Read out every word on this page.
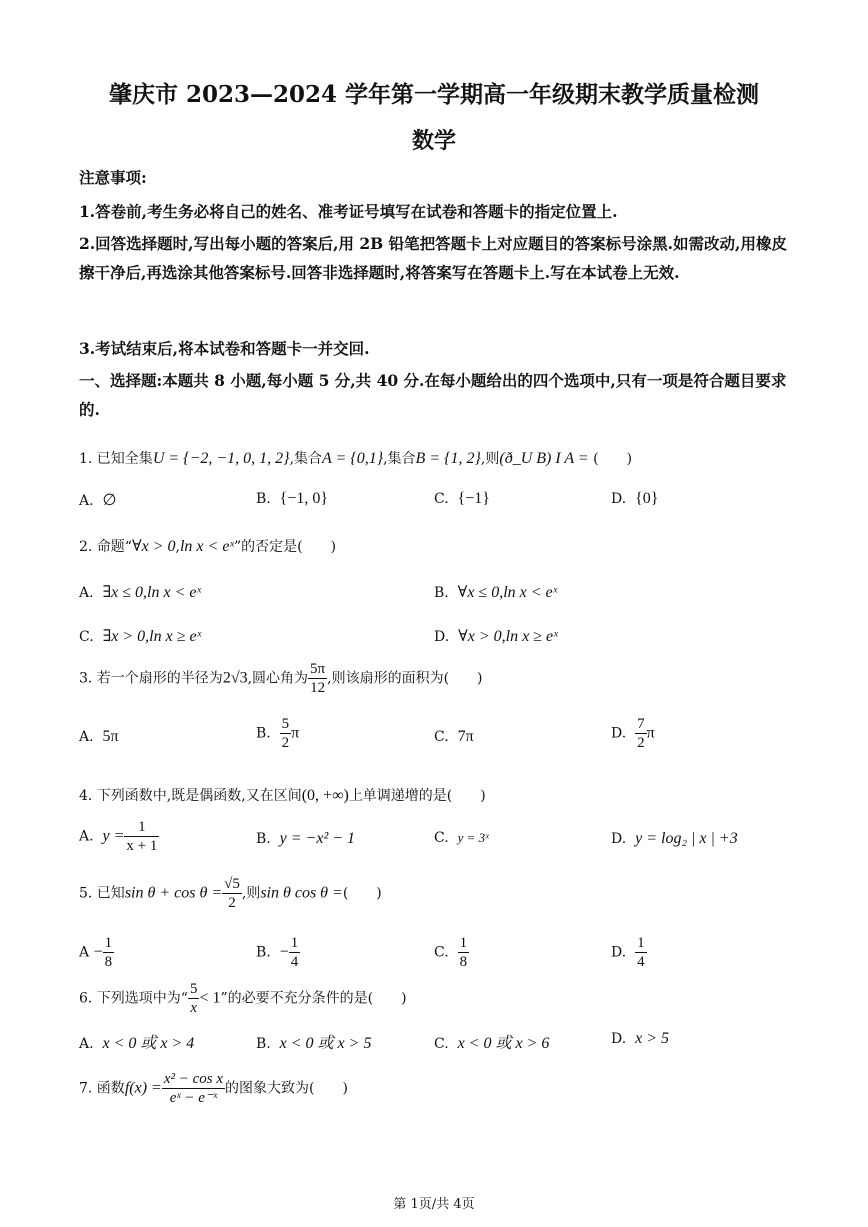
肇庆市 2023—2024 学年第一学期高一年级期末教学质量检测
数学
注意事项:
1.答卷前,考生务必将自己的姓名、准考证号填写在试卷和答题卡的指定位置上.
2.回答选择题时,写出每小题的答案后,用 2B 铅笔把答题卡上对应题目的答案标号涂黑.如需改动,用橡皮擦干净后,再选涂其他答案标号.回答非选择题时,将答案写在答题卡上.写在本试卷上无效.
3.考试结束后,将本试卷和答题卡一并交回.
一、选择题:本题共 8 小题,每小题 5 分,共 40 分.在每小题给出的四个选项中,只有一项是符合题目要求的.
1. 已知全集U = {−2, −1, 0, 1, 2},集合A = {0,1},集合B = {1, 2},则(ð_U B) I A = (　　)
A. ∅	B. {−1, 0}	C. {−1}	D. {0}
2. 命题“∀x > 0,ln x < eˣ”的否定是(　　)
A. ∃x ≤ 0,ln x < eˣ	B. ∀x ≤ 0,ln x < eˣ
C. ∃x > 0,ln x ≥ eˣ	D. ∀x > 0,ln x ≥ eˣ
3. 若一个扇形的半径为2√3,圆心角为 $\frac{5\pi}{12}$ ,则该扇形的面积为(　　)
A. 5π	B. $\frac{5}{2}$ π	C. 7π	D. $\frac{7}{2}$ π
4. 下列函数中,既是偶函数,又在区间(0, +∞)上单调递增的是(　　)
A. $y = \frac{1}{x + 1}$	B. y = −x² − 1	C. y = 3ˣ	D. y = log₂ | x | +3
5. 已知$\sin \theta + \cos \theta = \frac{√5}{2}$ ,则sin θ cos θ =(　　)
$A - \frac{1}{8}$	B. − $\frac{1}{4}$	C. $\frac{1}{8}$	D. $\frac{1}{4}$
6. 下列选项中为“ $\frac{5}{x} < 1$”的必要不充分条件的是(　　)
A. x < 0 或 x > 4	B. x < 0 或 x > 5	C. x < 0 或 x > 6	D. x > 5
7. 函数$f(x) = \frac{\text{x² − cos x}}{\text{eˣ − e⁻ˣ}}$ 的图象大致为(　　)
第 1页/共 4页
